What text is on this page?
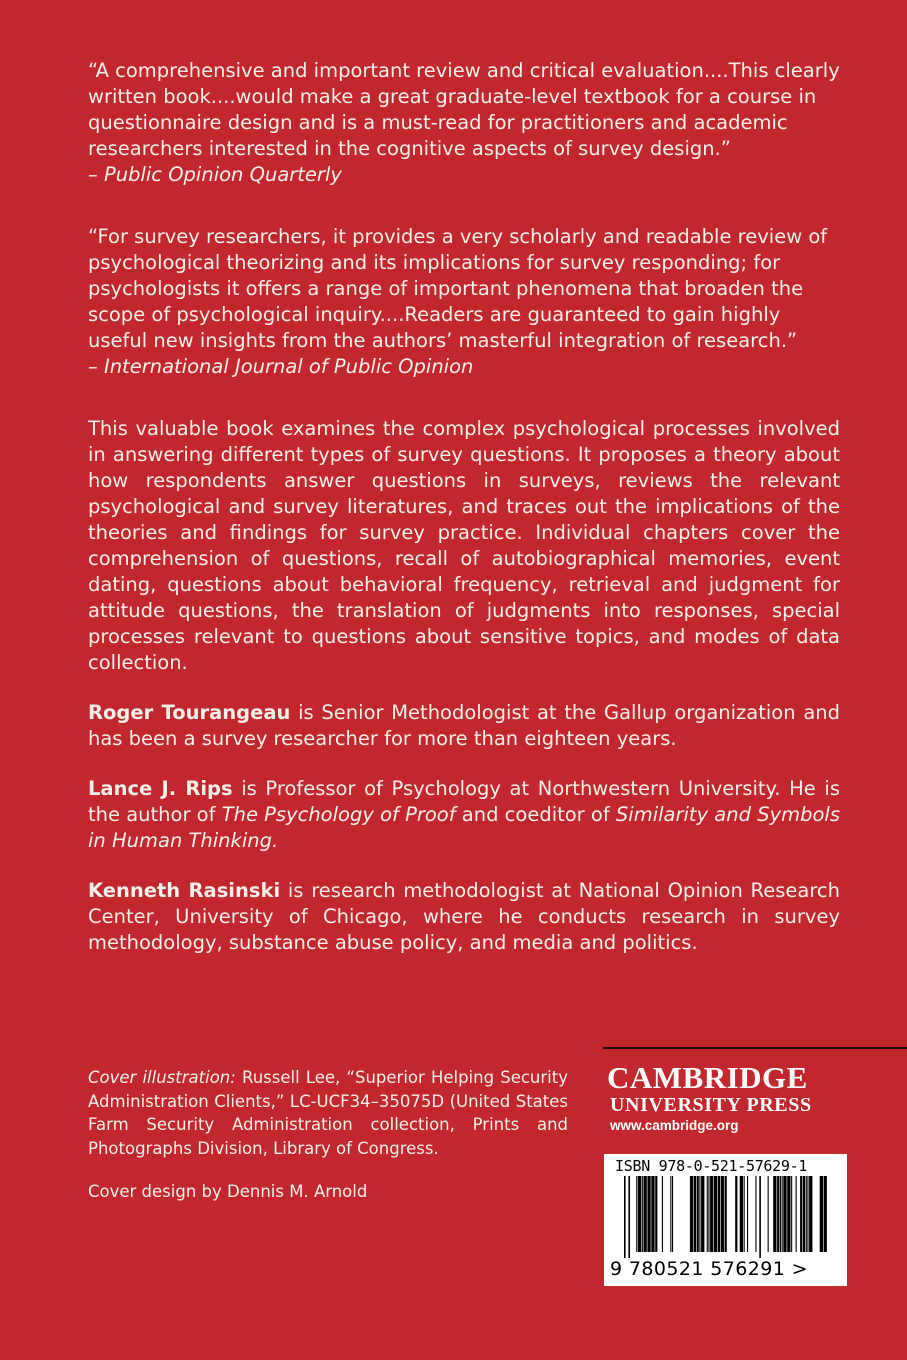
“A comprehensive and important review and critical evaluation....This clearly written book....would make a great graduate-level textbook for a course in questionnaire design and is a must-read for practitioners and academic researchers interested in the cognitive aspects of survey design.”

– Public Opinion Quarterly

“For survey researchers, it provides a very scholarly and readable review of psychological theorizing and its implications for survey responding; for psychologists it offers a range of important phenomena that broaden the scope of psychological inquiry....Readers are guaranteed to gain highly useful new insights from the authors’ masterful integration of research.”

– International Journal of Public Opinion

This valuable book examines the complex psychological processes involved in answering different types of survey questions. It proposes a theory about how respondents answer questions in surveys, reviews the relevant psychological and survey literatures, and traces out the implications of the theories and findings for survey practice. Individual chapters cover the comprehension of questions, recall of autobiographical memories, event dating, questions about behavioral frequency, retrieval and judgment for attitude questions, the translation of judgments into responses, special processes relevant to questions about sensitive topics, and modes of data collection.

Roger Tourangeau is Senior Methodologist at the Gallup organization and has been a survey researcher for more than eighteen years.

Lance J. Rips is Professor of Psychology at Northwestern University. He is the author of The Psychology of Proof and coeditor of Similarity and Symbols in Human Thinking.

Kenneth Rasinski is research methodologist at National Opinion Research Center, University of Chicago, where he conducts research in survey methodology, substance abuse policy, and media and politics.

Cover illustration: Russell Lee, “Superior Helping Security Administration Clients,” LC-UCF34–35075D (United States Farm Security Administration collection, Prints and Photographs Division, Library of Congress.
Cover design by Dennis M. Arnold
CAMBRIDGE
UNIVERSITY PRESS
www.cambridge.org
ISBN 978-0-521-57629-1
9 780521 576291 >
